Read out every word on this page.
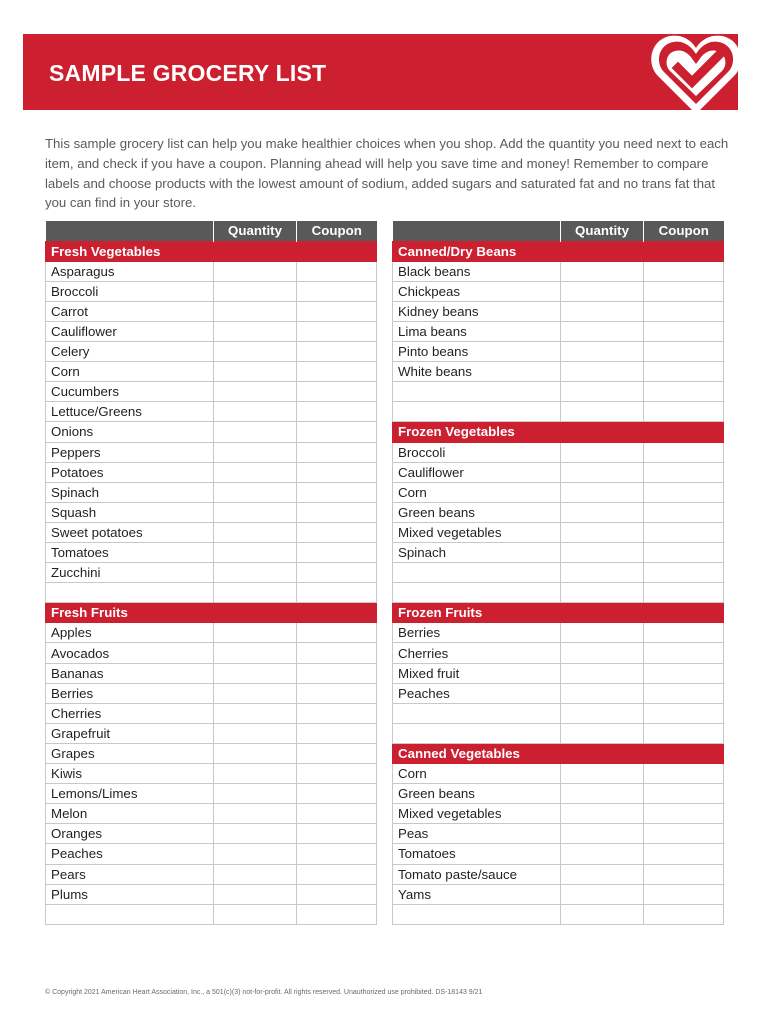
SAMPLE GROCERY LIST

This sample grocery list can help you make healthier choices when you shop. Add the quantity you need next to each item, and check if you have a coupon. Planning ahead will help you save time and money! Remember to compare labels and choose products with the lowest amount of sodium, added sugars and saturated fat and no trans fat that you can find in your store.

	Quantity	Coupon
Fresh Vegetables		
Asparagus		
Broccoli		
Carrot		
Cauliflower		
Celery		
Corn		
Cucumbers		
Lettuce/Greens		
Onions		
Peppers		
Potatoes		
Spinach		
Squash		
Sweet potatoes		
Tomatoes		
Zucchini		

Fresh Fruits		
Apples		
Avocados		
Bananas		
Berries		
Cherries		
Grapefruit		
Grapes		
Kiwis		
Lemons/Limes		
Melon		
Oranges		
Peaches		
Pears		
Plums		

	Quantity	Coupon
Canned/Dry Beans		
Black beans		
Chickpeas		
Kidney beans		
Lima beans		
Pinto beans		
White beans		

Frozen Vegetables		
Broccoli		
Cauliflower		
Corn		
Green beans		
Mixed vegetables		
Spinach		

Frozen Fruits		
Berries		
Cherries		
Mixed fruit		
Peaches		

Canned Vegetables		
Corn		
Green beans		
Mixed vegetables		
Peas		
Tomatoes		
Tomato paste/sauce		
Yams		

© Copyright 2021 American Heart Association, Inc., a 501(c)(3) not-for-profit. All rights reserved. Unauthorized use prohibited. DS-18143 9/21
